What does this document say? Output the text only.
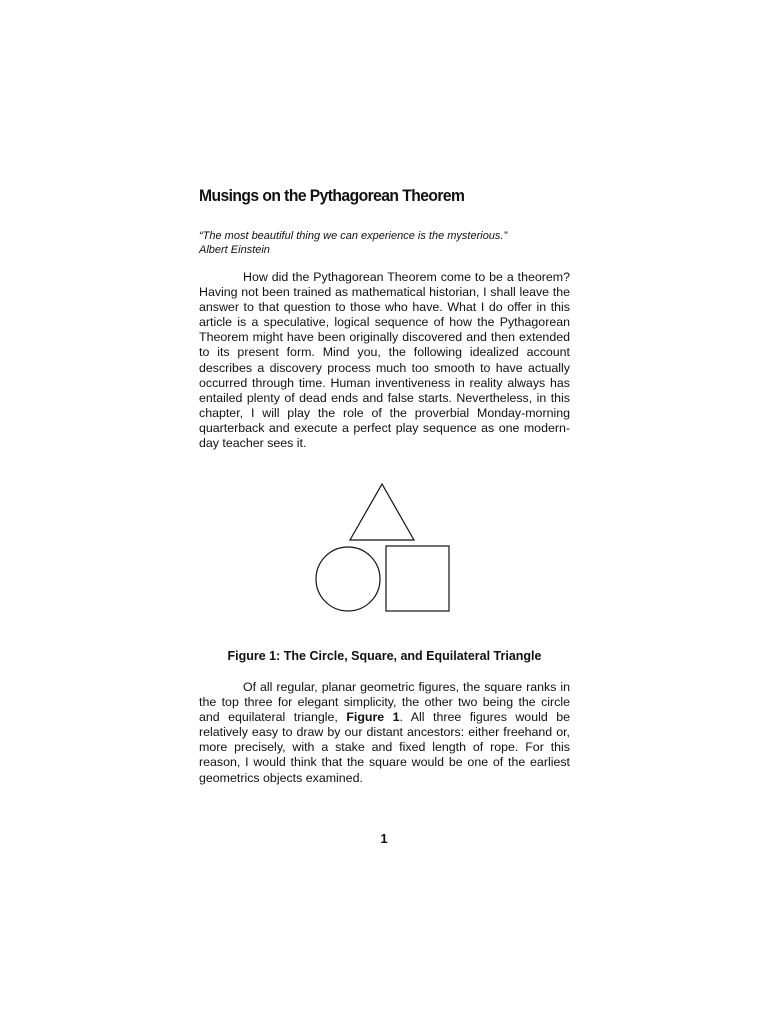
Musings on the Pythagorean Theorem
“The most beautiful thing we can experience is the mysterious.”
Albert Einstein

How did the Pythagorean Theorem come to be a theorem? Having not been trained as mathematical historian, I shall leave the answer to that question to those who have. What I do offer in this article is a speculative, logical sequence of how the Pythagorean Theorem might have been originally discovered and then extended to its present form. Mind you, the following idealized account describes a discovery process much too smooth to have actually occurred through time. Human inventiveness in reality always has entailed plenty of dead ends and false starts. Nevertheless, in this chapter, I will play the role of the proverbial Monday-morning quarterback and execute a perfect play sequence as one modern-day teacher sees it.

Figure 1: The Circle, Square, and Equilateral Triangle

Of all regular, planar geometric figures, the square ranks in the top three for elegant simplicity, the other two being the circle and equilateral triangle, Figure 1. All three figures would be relatively easy to draw by our distant ancestors: either freehand or, more precisely, with a stake and fixed length of rope. For this reason, I would think that the square would be one of the earliest geometrics objects examined.

1
